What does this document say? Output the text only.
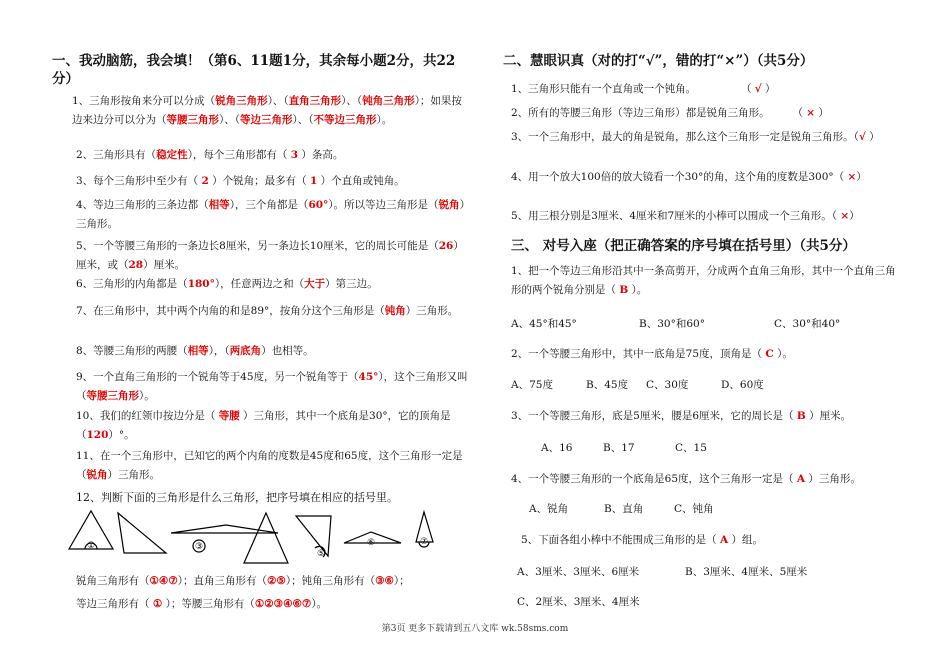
一、我动脑筋，我会填！（第6、11题1分，其余每小题2分，共22分）
1、三角形按角来分可以分成（锐角三角形）、（直角三角形）、（钝角三角形）；如果按边来边分可以分为（等腰三角形）、（等边三角形）、（不等边三角形）。
2、三角形具有（稳定性），每个三角形都有（ 3 ）条高。
3、每个三角形中至少有（ 2 ）个锐角；最多有（ 1 ）个直角或钝角。
4、等边三角形的三条边都（相等），三个角都是（60°）。所以等边三角形是（锐角）三角形。
5、一个等腰三角形的一条边长8厘米，另一条边长10厘米，它的周长可能是（26）厘米，或（28）厘米。
6、三角形的内角都是（180°），任意两边之和（大于）第三边。
7、在三角形中，其中两个内角的和是89°，按角分这个三角形是（钝角）三角形。
8、等腰三角形的两腰（相等），（两底角）也相等。
9、一个直角三角形的一个锐角等于45度，另一个锐角等于（45°），这个三角形又叫（等腰三角形）。
10、我们的红领巾按边分是（ 等腰 ）三角形，其中一个底角是30°，它的顶角是（120）°。
11、在一个三角形中，已知它的两个内角的度数是45度和65度，这个三角形一定是（锐角）三角形。
12、判断下面的三角形是什么三角形，把序号填在相应的括号里。
①	③
⑤
⑥	⑦
锐角三角形有（①④⑦）；直角三角形有（②⑤）；钝角三角形有（③⑥）；
等边三角形有（ ① ）；等腰三角形有（①②③④⑥⑦）。
二、慧眼识真（对的打“√”，错的打“×”）（共5分）
1、三角形只能有一个直角或一个钝角。	（ √ ）
2、所有的等腰三角形（等边三角形）都是锐角三角形。	（ × ）
3、一个三角形中，最大的角是锐角，那么这个三角形一定是锐角三角形。（√ ）
4、用一个放大100倍的放大镜看一个30°的角，这个角的度数是300°（ ×）
5、用三根分别是3厘米、4厘米和7厘米的小棒可以围成一个三角形。（ ×）
三、 对号入座（把正确答案的序号填在括号里）（共5分）
1、把一个等边三角形沿其中一条高剪开，分成两个直角三角形，其中一个直角三角形的两个锐角分别是（ B ）。
A、45°和45°	B、30°和60°	C、30°和40°
2、一个等腰三角形中，其中一底角是75度，顶角是（ C ）。
A、75度	B、45度 C、30度	D、60度
3、一个等腰三角形，底是5厘米，腰是6厘米，它的周长是（ B ）厘米。
A、16	B、17	C、15
4、一个等腰三角形的一个底角是65度，这个三角形一定是（ A ）三角形。
A、锐角	B、直角	C、钝角
5、下面各组小棒中不能围成三角形的是（ A ）组。
A、3厘米、3厘米、6厘米	B、3厘米、4厘米、5厘米
C、2厘米、3厘米、4厘米
第3页 更多下载请到五八文库 wk.58sms.com
